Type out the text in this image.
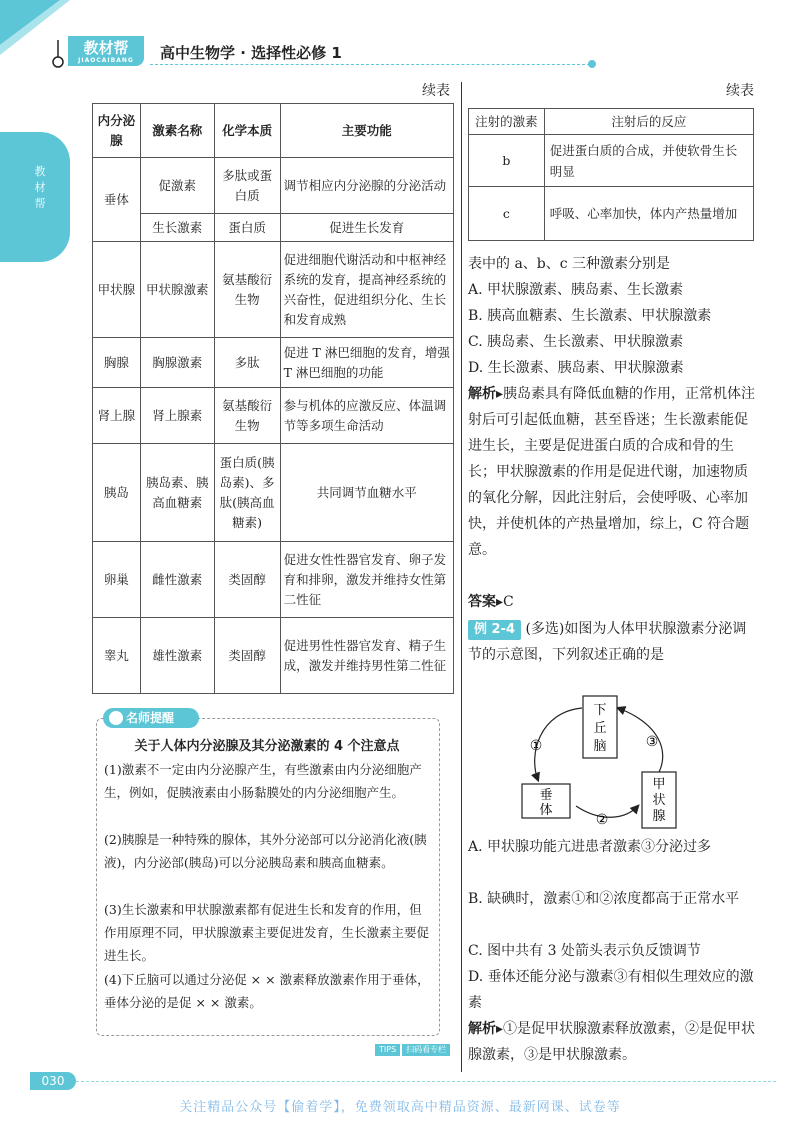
教材帮
JIAOCAIBANG	高中生物学 · 选择性必修 1
教材帮
续表	续表
内分泌腺	激素名称	化学本质	主要功能
垂体	促激素	多肽或蛋白质	调节相应内分泌腺的分泌活动
	生长激素	蛋白质	促进生长发育
甲状腺	甲状腺激素	氨基酸衍生物	促进细胞代谢活动和中枢神经系统的发育，提高神经系统的兴奋性，促进组织分化、生长和发育成熟
胸腺	胸腺激素	多肽	促进 T 淋巴细胞的发育，增强 T 淋巴细胞的功能
肾上腺	肾上腺素	氨基酸衍生物	参与机体的应激反应、体温调节等多项生命活动
胰岛	胰岛素、胰高血糖素	蛋白质(胰岛素)、多肽(胰高血糖素)	共同调节血糖水平
卵巢	雌性激素	类固醇	促进女性性器官发育、卵子发育和排卵，激发并维持女性第二性征
睾丸	雄性激素	类固醇	促进男性性器官发育、精子生成，激发并维持男性第二性征
名师提醒
关于人体内分泌腺及其分泌激素的 4 个注意点
(1)激素不一定由内分泌腺产生，有些激素由内分泌细胞产生，例如，促胰液素由小肠黏膜处的内分泌细胞产生。
(2)胰腺是一种特殊的腺体，其外分泌部可以分泌消化液(胰液)，内分泌部(胰岛)可以分泌胰岛素和胰高血糖素。
(3)生长激素和甲状腺激素都有促进生长和发育的作用，但作用原理不同，甲状腺激素主要促进发育，生长激素主要促进生长。
(4)下丘脑可以通过分泌促 × × 激素释放激素作用于垂体，垂体分泌的是促 × × 激素。
注射的激素	注射后的反应
b	促进蛋白质的合成，并使软骨生长明显
c	呼吸、心率加快，体内产热量增加
表中的 a、b、c 三种激素分别是
A. 甲状腺激素、胰岛素、生长激素
B. 胰高血糖素、生长激素、甲状腺激素
C. 胰岛素、生长激素、甲状腺激素
D. 生长激素、胰岛素、甲状腺激素
解析▸胰岛素具有降低血糖的作用，正常机体注射后可引起低血糖，甚至昏迷；生长激素能促进生长，主要是促进蛋白质的合成和骨的生长；甲状腺激素的作用是促进代谢，加速物质的氧化分解，因此注射后，会使呼吸、心率加快，并使机体的产热量增加，综上，C 符合题意。
答案▸C
例 2-4 (多选)如图为人体甲状腺激素分泌调节的示意图，下列叙述正确的是
下
丘
脑
垂
体
甲
状
腺
①
②
③
A. 甲状腺功能亢进患者激素③分泌过多
B. 缺碘时，激素①和②浓度都高于正常水平
C. 图中共有 3 处箭头表示负反馈调节
D. 垂体还能分泌与激素③有相似生理效应的激素
解析▸①是促甲状腺激素释放激素，②是促甲状腺激素，③是甲状腺激素。
TIPS 扫码看专栏
030
关注精品公众号【偷着学】，免费领取高中精品资源、最新网课、试卷等
